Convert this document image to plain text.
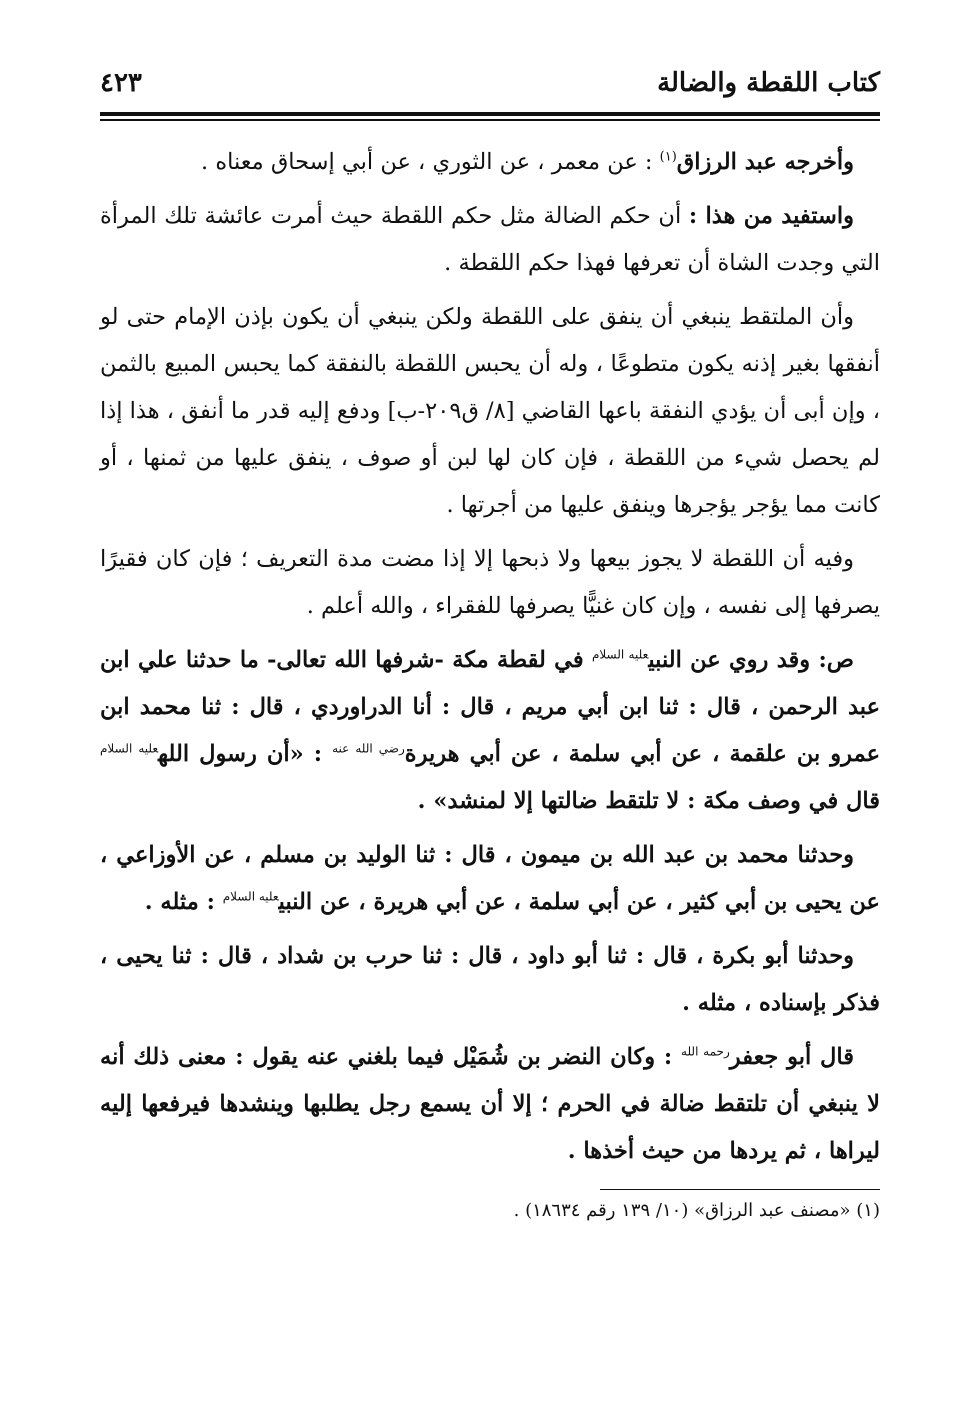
كتاب اللقطة والضالة
٤٢٣

وأخرجه عبد الرزاق$^{(١)}$ : عن معمر ، عن الثوري ، عن أبي إسحاق معناه .

واستفيد من هذا : أن حكم الضالة مثل حكم اللقطة حيث أمرت عائشة تلك المرأة التي وجدت الشاة أن تعرفها فهذا حكم اللقطة .

وأن الملتقط ينبغي أن ينفق على اللقطة ولكن ينبغي أن يكون بإذن الإمام حتى لو أنفقها بغير إذنه يكون متطوعًا ، وله أن يحبس اللقطة بالنفقة كما يحبس المبيع بالثمن ، وإن أبى أن يؤدي النفقة باعها القاضي [٨/ ق٢٠٩-ب] ودفع إليه قدر ما أنفق ، هذا إذا لم يحصل شيء من اللقطة ، فإن كان لها لبن أو صوف ، ينفق عليها من ثمنها ، أو كانت مما يؤجر يؤجرها وينفق عليها من أجرتها .

وفيه أن اللقطة لا يجوز بيعها ولا ذبحها إلا إذا مضت مدة التعريف ؛ فإن كان فقيرًا يصرفها إلى نفسه ، وإن كان غنيًّا يصرفها للفقراء ، والله أعلم .

ص: وقد روي عن النبي$^{عليه السلام}$ في لقطة مكة -شرفها الله تعالى- ما حدثنا علي ابن عبد الرحمن ، قال : ثنا ابن أبي مريم ، قال : أنا الدراوردي ، قال : ثنا محمد ابن عمرو بن علقمة ، عن أبي سلمة ، عن أبي هريرة$^{رضي الله عنه}$ : «أن رسول الله$^{عليه السلام}$ قال في وصف مكة : لا تلتقط ضالتها إلا لمنشد» .

وحدثنا محمد بن عبد الله بن ميمون ، قال : ثنا الوليد بن مسلم ، عن الأوزاعي ، عن يحيى بن أبي كثير ، عن أبي سلمة ، عن أبي هريرة ، عن النبي$^{عليه السلام}$ : مثله .

وحدثنا أبو بكرة ، قال : ثنا أبو داود ، قال : ثنا حرب بن شداد ، قال : ثنا يحيى ، فذكر بإسناده ، مثله .

قال أبو جعفر$^{رحمه الله}$ : وكان النضر بن شُمَيْل فيما بلغني عنه يقول : معنى ذلك أنه لا ينبغي أن تلتقط ضالة في الحرم ؛ إلا أن يسمع رجل يطلبها وينشدها فيرفعها إليه ليراها ، ثم يردها من حيث أخذها .

(١) «مصنف عبد الرزاق» (١٠/ ١٣٩ رقم ١٨٦٣٤) .
